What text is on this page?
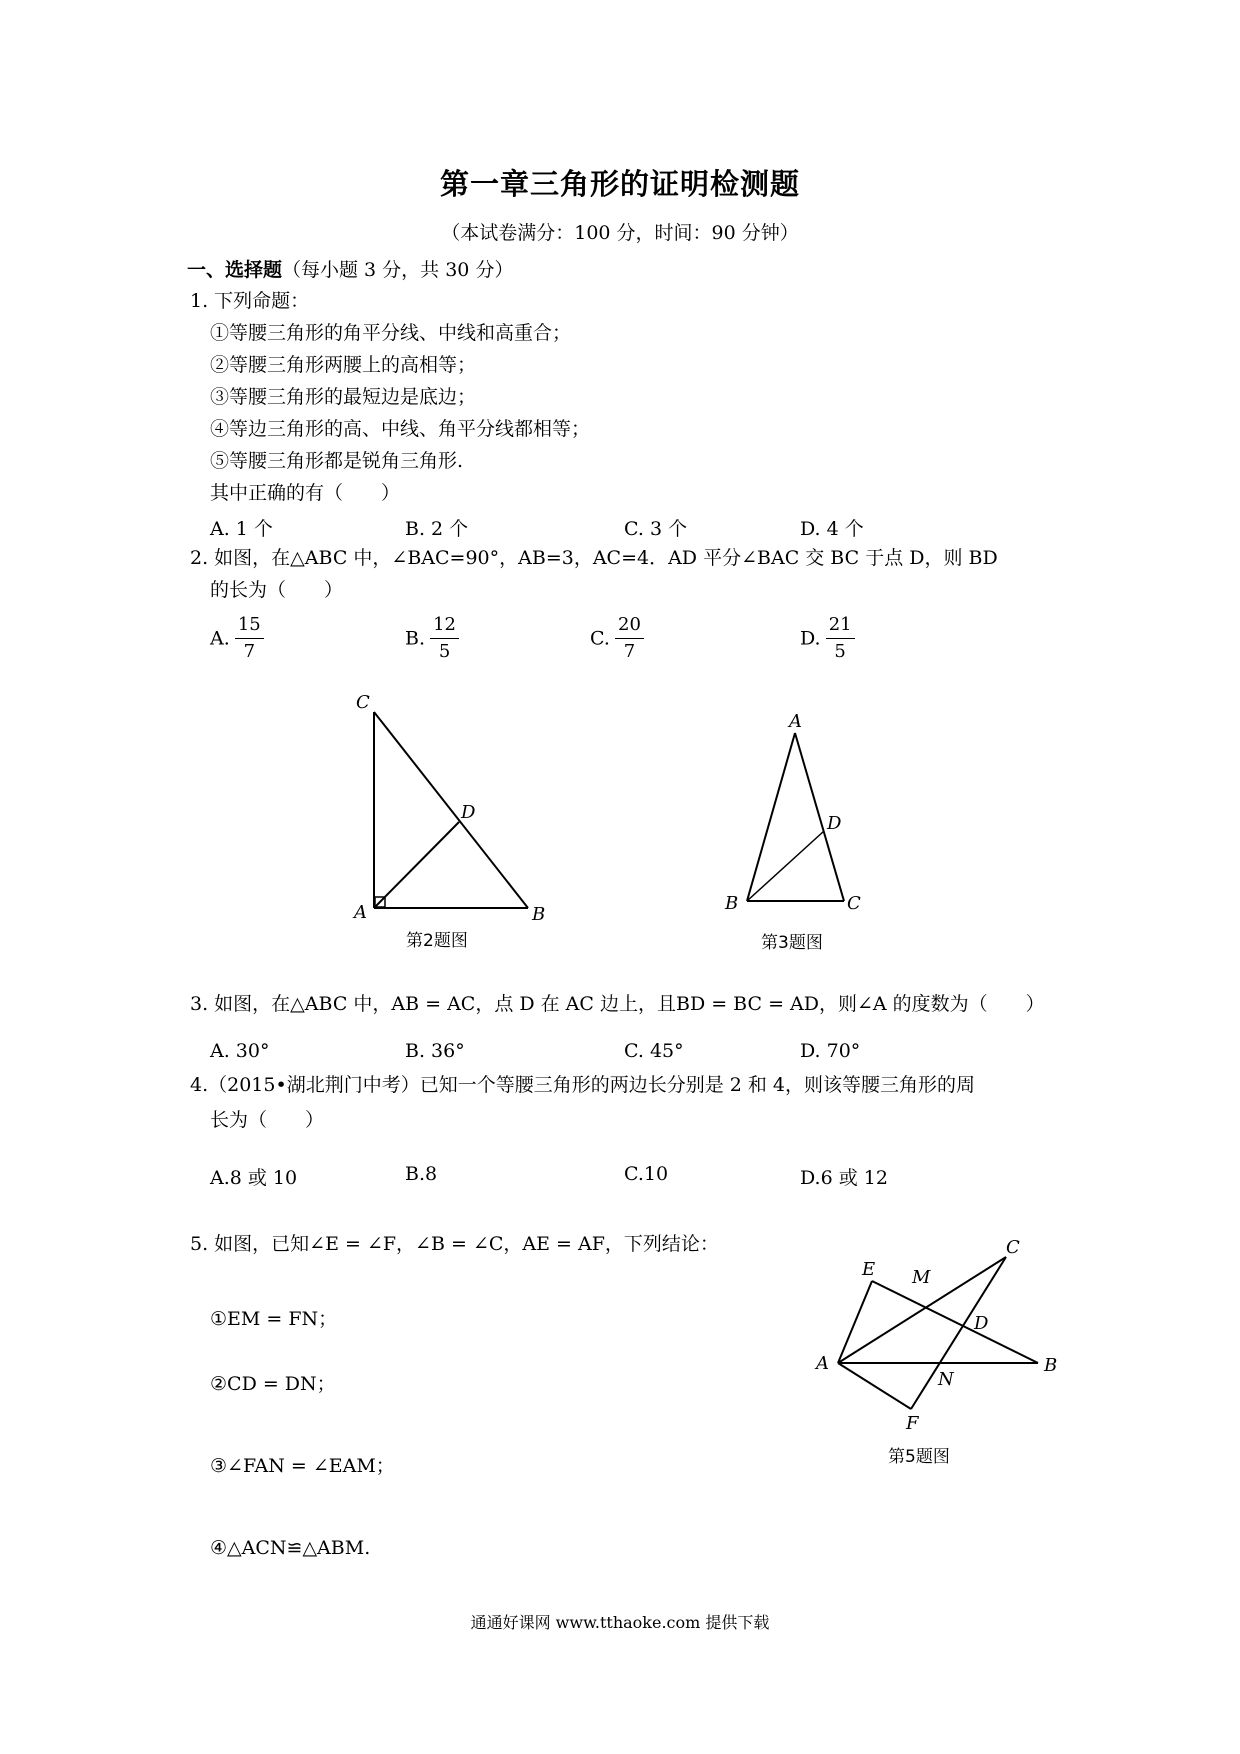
第一章三角形的证明检测题
（本试卷满分：100 分，时间：90 分钟）
一、选择题（每小题 3 分，共 30 分）
1. 下列命题：
①等腰三角形的角平分线、中线和高重合；
②等腰三角形两腰上的高相等；
③等腰三角形的最短边是底边；
④等边三角形的高、中线、角平分线都相等；
⑤等腰三角形都是锐角三角形.
其中正确的有（　　）
A. 1 个	B. 2 个	C. 3 个	D. 4 个
2. 如图，在△ABC 中，∠BAC=90°，AB=3，AC=4．AD 平分∠BAC 交 BC 于点 D，则 BD
的长为（　　）
A. $\frac{15}{7}$	B. $\frac{12}{5}$	C. $\frac{20}{7}$	D. $\frac{21}{5}$
C
D
A	B
第2题图
A
D
B	C
第3题图
3. 如图，在△ABC 中，AB = AC，点 D 在 AC 边上，且BD = BC = AD，则∠A 的度数为（　　）
A. 30°	B. 36°	C. 45°	D. 70°
4.（2015•湖北荆门中考）已知一个等腰三角形的两边长分别是 2 和 4，则该等腰三角形的周
长为（　　）
A.8 或 10	B.8	C.10	D.6 或 12
5. 如图，已知∠E = ∠F，∠B = ∠C，AE = AF，下列结论：
①EM = FN；
②CD = DN；
③∠FAN = ∠EAM；
④△ACN≌△ABM.
C
E M
D
A
N
B
F
第5题图
通通好课网 www.tthaoke.com 提供下载
